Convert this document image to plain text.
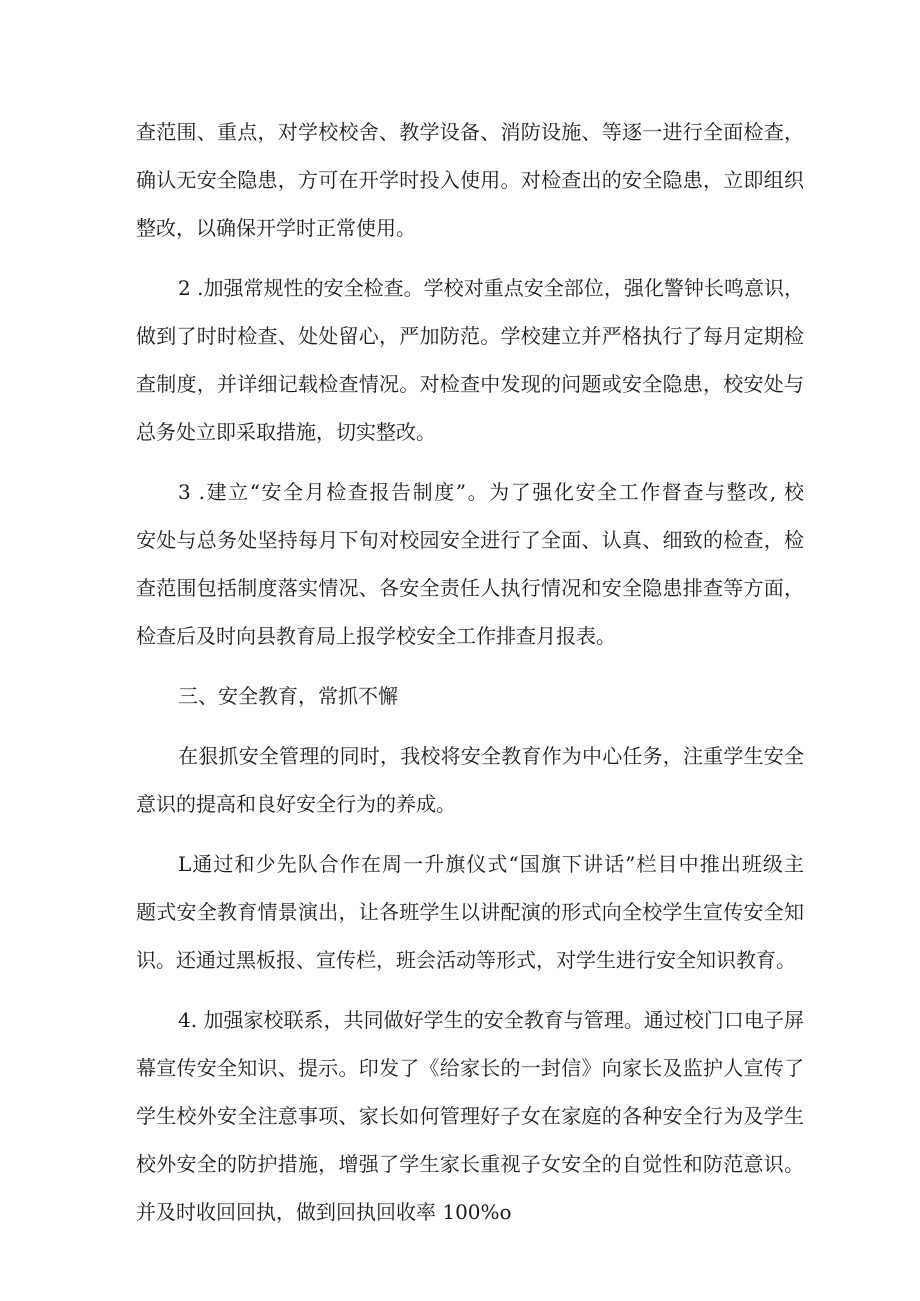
查范围、重点，对学校校舍、教学设备、消防设施、等逐一进行全面检查，
确认无安全隐患，方可在开学时投入使用。对检查出的安全隐患，立即组织
整改，以确保开学时正常使用。
2 .加强常规性的安全检查。学校对重点安全部位，强化警钟长鸣意识，
做到了时时检查、处处留心，严加防范。学校建立并严格执行了每月定期检
查制度，并详细记载检查情况。对检查中发现的问题或安全隐患，校安处与
总务处立即采取措施，切实整改。
3 .建立“安全月检查报告制度”。为了强化安全工作督查与整改, 校
安处与总务处坚持每月下旬对校园安全进行了全面、认真、细致的检查，检
查范围包括制度落实情况、各安全责任人执行情况和安全隐患排查等方面，
检查后及时向县教育局上报学校安全工作排查月报表。
三、安全教育，常抓不懈
在狠抓安全管理的同时，我校将安全教育作为中心任务，注重学生安全
意识的提高和良好安全行为的养成。
L通过和少先队合作在周一升旗仪式“国旗下讲话”栏目中推出班级主
题式安全教育情景演出，让各班学生以讲配演的形式向全校学生宣传安全知
识。还通过黑板报、宣传栏，班会活动等形式，对学生进行安全知识教育。
4. 加强家校联系，共同做好学生的安全教育与管理。通过校门口电子屏
幕宣传安全知识、提示。印发了《给家长的一封信》向家长及监护人宣传了
学生校外安全注意事项、家长如何管理好子女在家庭的各种安全行为及学生
校外安全的防护措施，增强了学生家长重视子女安全的自觉性和防范意识。
并及时收回回执，做到回执回收率 100%o
